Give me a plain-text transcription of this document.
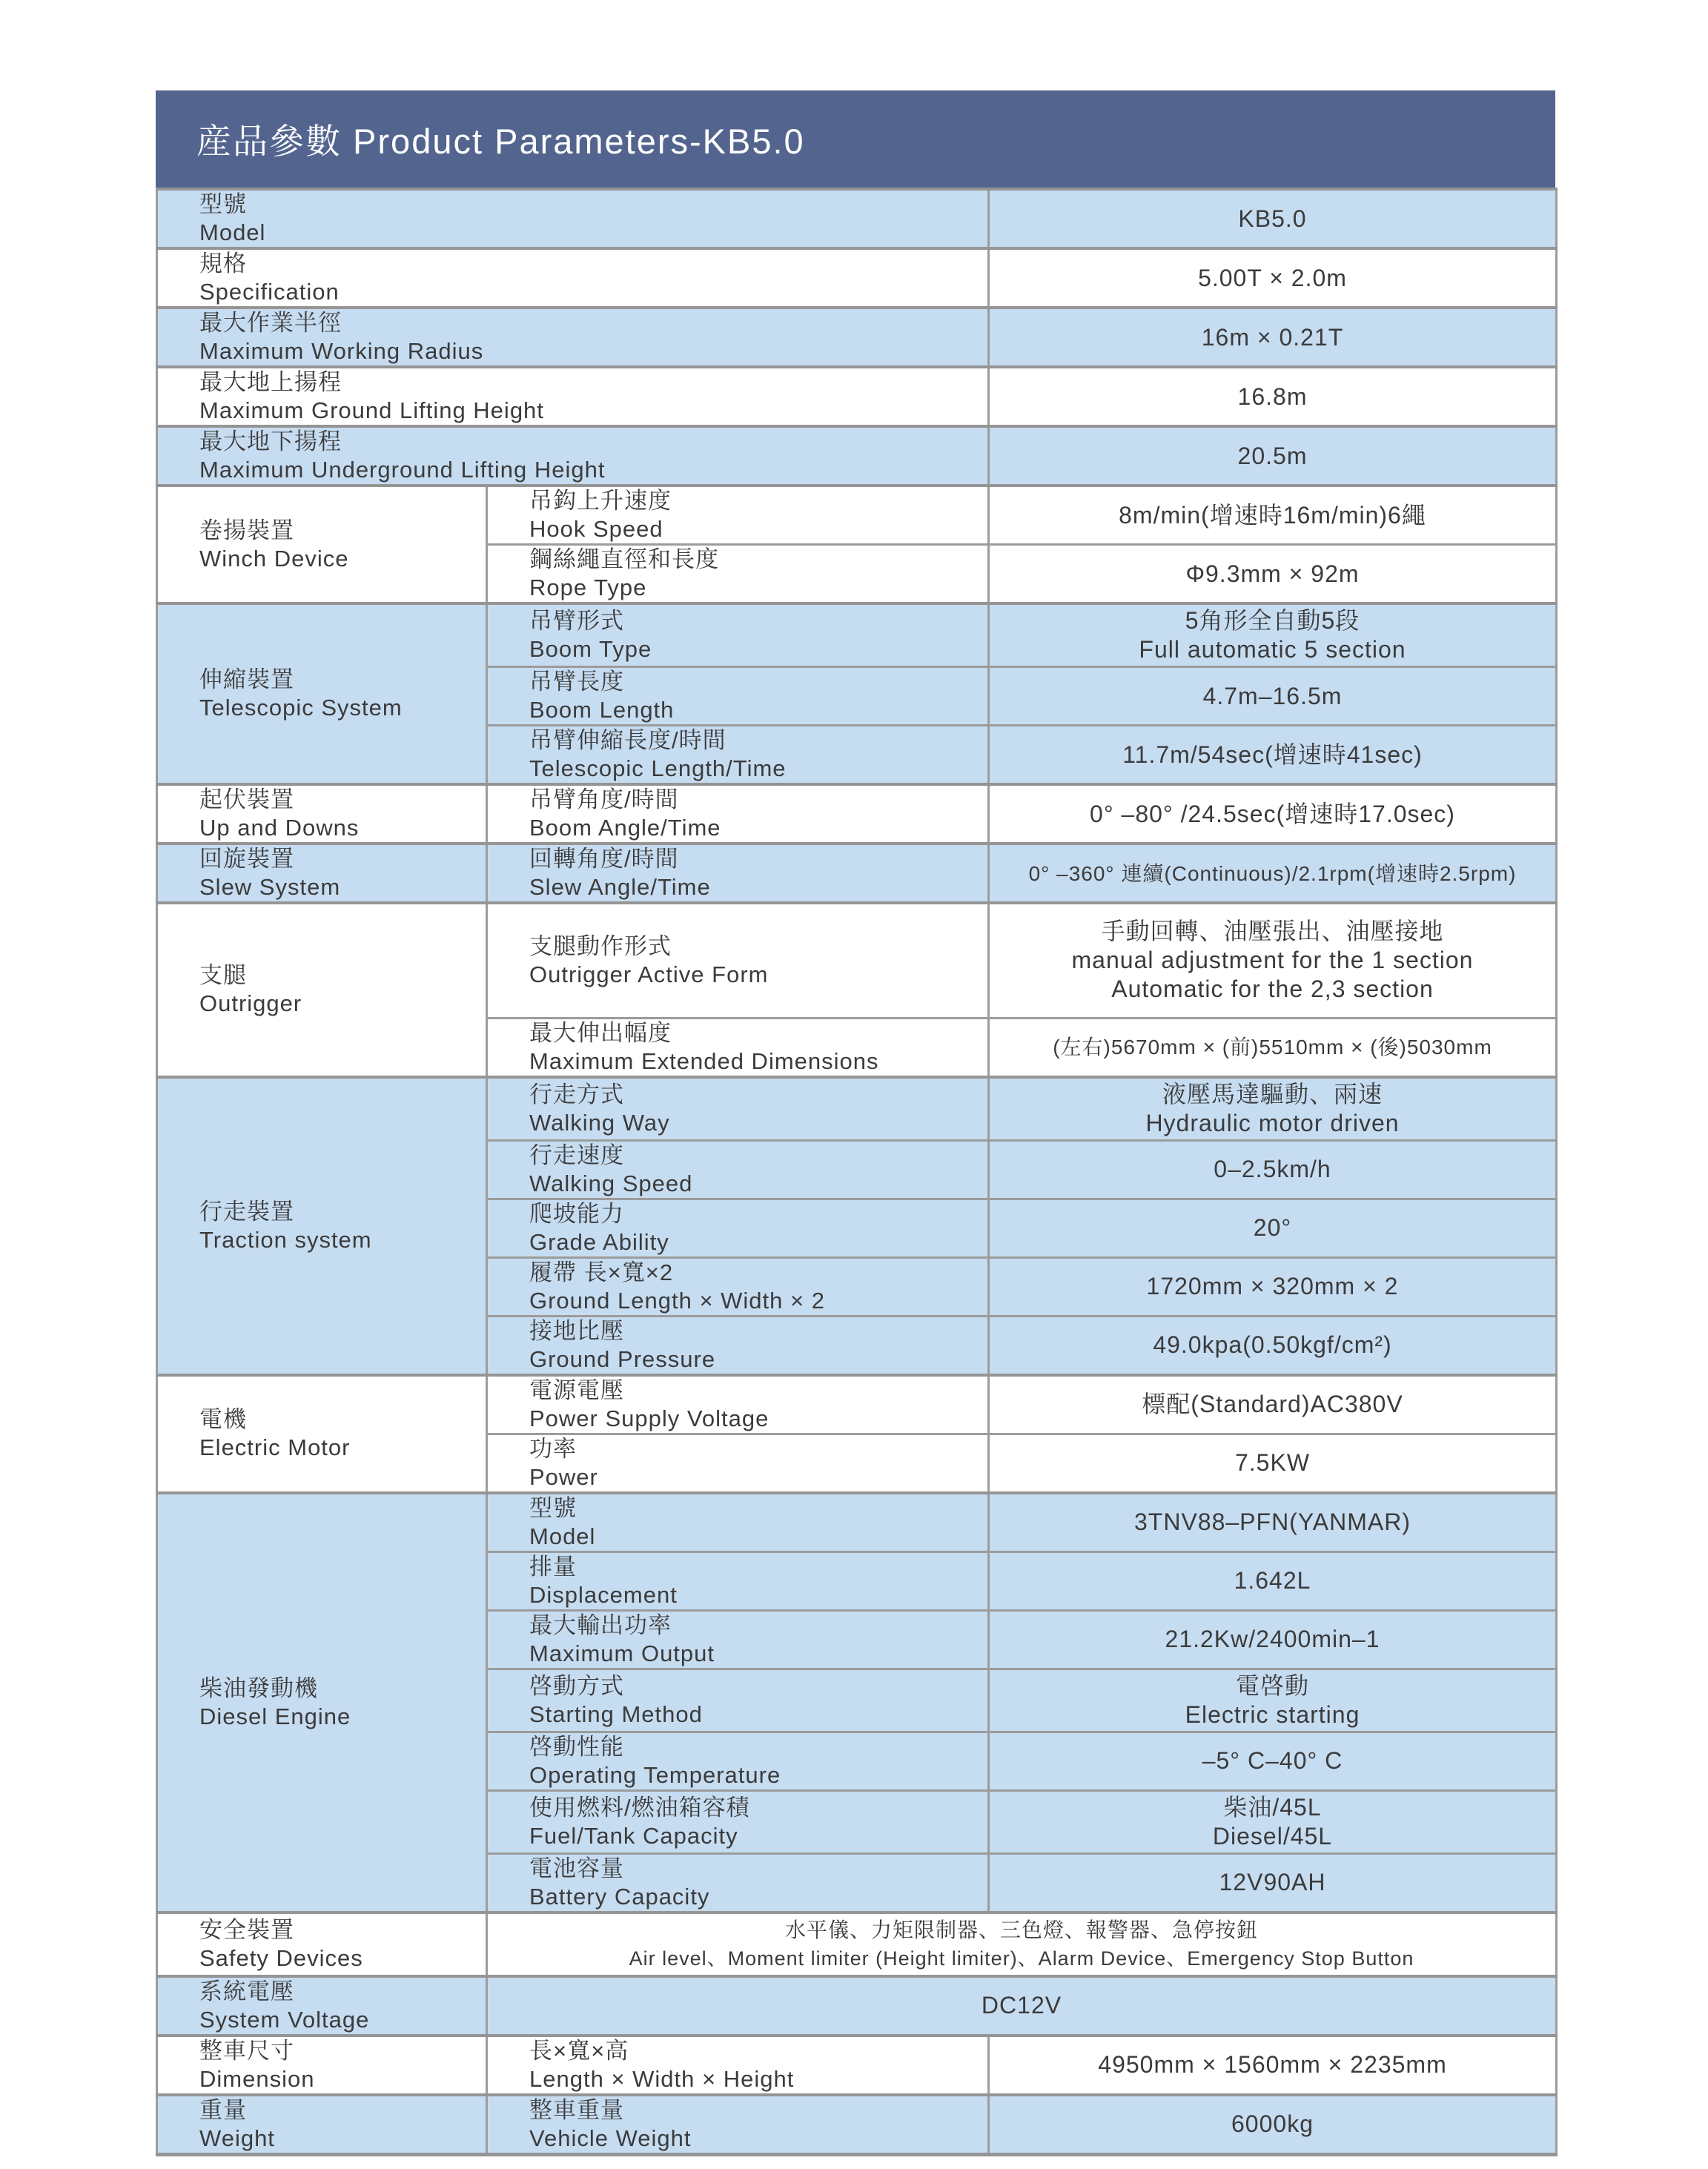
産品參數 Product Parameters-KB5.0
型號
Model		KB5.0

規格
Specification		5.00T × 2.0m

最大作業半徑
Maximum Working Radius		16m × 0.21T

最大地上揚程
Maximum Ground Lifting Height		16.8m

最大地下揚程
Maximum Underground Lifting Height		20.5m

卷揚裝置
Winch Device	吊鈎上升速度
Hook Speed	8m/min(增速時16m/min)6繩

	鋼絲繩直徑和長度
Rope Type	Φ9.3mm × 92m

伸縮裝置
Telescopic System	吊臂形式
Boom Type	5角形全自動5段
Full automatic 5 section

	吊臂長度
Boom Length	4.7m–16.5m

	吊臂伸縮長度/時間
Telescopic Length/Time	11.7m/54sec(增速時41sec)

起伏裝置
Up and Downs	吊臂角度/時間
Boom Angle/Time	0° –80° /24.5sec(增速時17.0sec)

回旋裝置
Slew System	回轉角度/時間
Slew Angle/Time	0° –360° 連續(Continuous)/2.1rpm(增速時2.5rpm)

支腿
Outrigger	支腿動作形式
Outrigger Active Form	手動回轉、油壓張出、油壓接地
manual adjustment for the 1 section
Automatic for the 2,3 section

	最大伸出幅度
Maximum Extended Dimensions	(左右)5670mm × (前)5510mm × (後)5030mm

行走裝置
Traction system	行走方式
Walking Way	液壓馬達驅動、兩速
Hydraulic motor driven

	行走速度
Walking Speed	0–2.5km/h

	爬坡能力
Grade Ability	20°

	履帶 長×寬×2
Ground Length × Width × 2	1720mm × 320mm × 2

	接地比壓
Ground Pressure	49.0kpa(0.50kgf/cm²)

電機
Electric Motor	電源電壓
Power Supply Voltage	標配(Standard)AC380V

	功率
Power	7.5KW

柴油發動機
Diesel Engine	型號
Model	3TNV88–PFN(YANMAR)

	排量
Displacement	1.642L

	最大輸出功率
Maximum Output	21.2Kw/2400min–1

	啓動方式
Starting Method	電啓動
Electric starting

	啓動性能
Operating Temperature	–5° C–40° C

	使用燃料/燃油箱容積
Fuel/Tank Capacity	柴油/45L
Diesel/45L

	電池容量
Battery Capacity	12V90AH

安全裝置
Safety Devices	水平儀、力矩限制器、三色燈、報警器、急停按鈕
Air level、Moment limiter (Height limiter)、Alarm Device、Emergency Stop Button	

系統電壓
System Voltage	DC12V	

整車尺寸
Dimension	長×寬×高
Length × Width × Height	4950mm × 1560mm × 2235mm

重量
Weight	整車重量
Vehicle Weight	6000kg
